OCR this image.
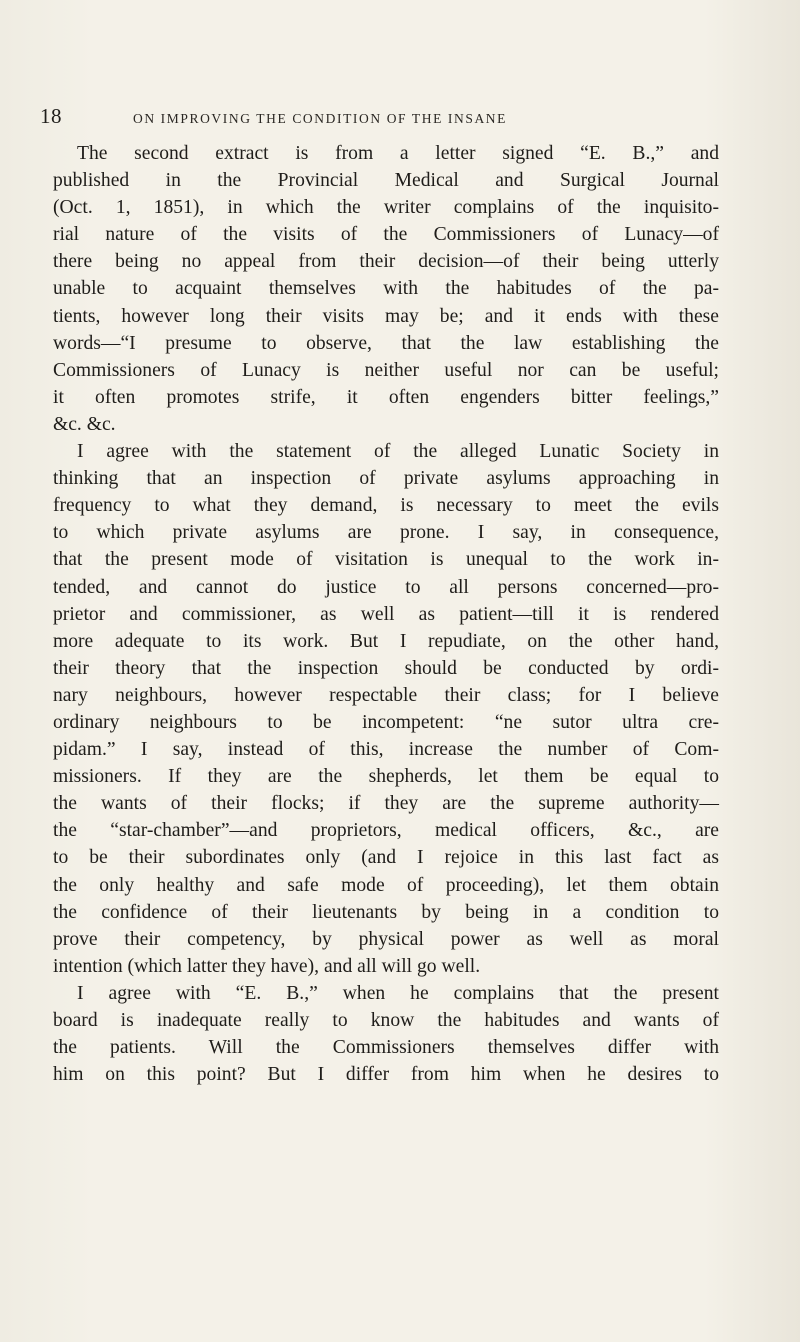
18	ON IMPROVING THE CONDITION OF THE INSANE
The second extract is from a letter signed “E. B.,” and
published in the Provincial Medical and Surgical Journal
(Oct. 1, 1851), in which the writer complains of the inquisito-
rial nature of the visits of the Commissioners of Lunacy—of
there being no appeal from their decision—of their being utterly
unable to acquaint themselves with the habitudes of the pa-
tients, however long their visits may be; and it ends with these
words—“I presume to observe, that the law establishing the
Commissioners of Lunacy is neither useful nor can be useful;
it often promotes strife, it often engenders bitter feelings,”
&c. &c.
I agree with the statement of the alleged Lunatic Society in
thinking that an inspection of private asylums approaching in
frequency to what they demand, is necessary to meet the evils
to which private asylums are prone. I say, in consequence,
that the present mode of visitation is unequal to the work in-
tended, and cannot do justice to all persons concerned—pro-
prietor and commissioner, as well as patient—till it is rendered
more adequate to its work. But I repudiate, on the other hand,
their theory that the inspection should be conducted by ordi-
nary neighbours, however respectable their class; for I believe
ordinary neighbours to be incompetent: “ne sutor ultra cre-
pidam.” I say, instead of this, increase the number of Com-
missioners. If they are the shepherds, let them be equal to
the wants of their flocks; if they are the supreme authority—
the “star-chamber”—and proprietors, medical officers, &c., are
to be their subordinates only (and I rejoice in this last fact as
the only healthy and safe mode of proceeding), let them obtain
the confidence of their lieutenants by being in a condition to
prove their competency, by physical power as well as moral
intention (which latter they have), and all will go well.
I agree with “E. B.,” when he complains that the present
board is inadequate really to know the habitudes and wants of
the patients. Will the Commissioners themselves differ with
him on this point? But I differ from him when he desires to
